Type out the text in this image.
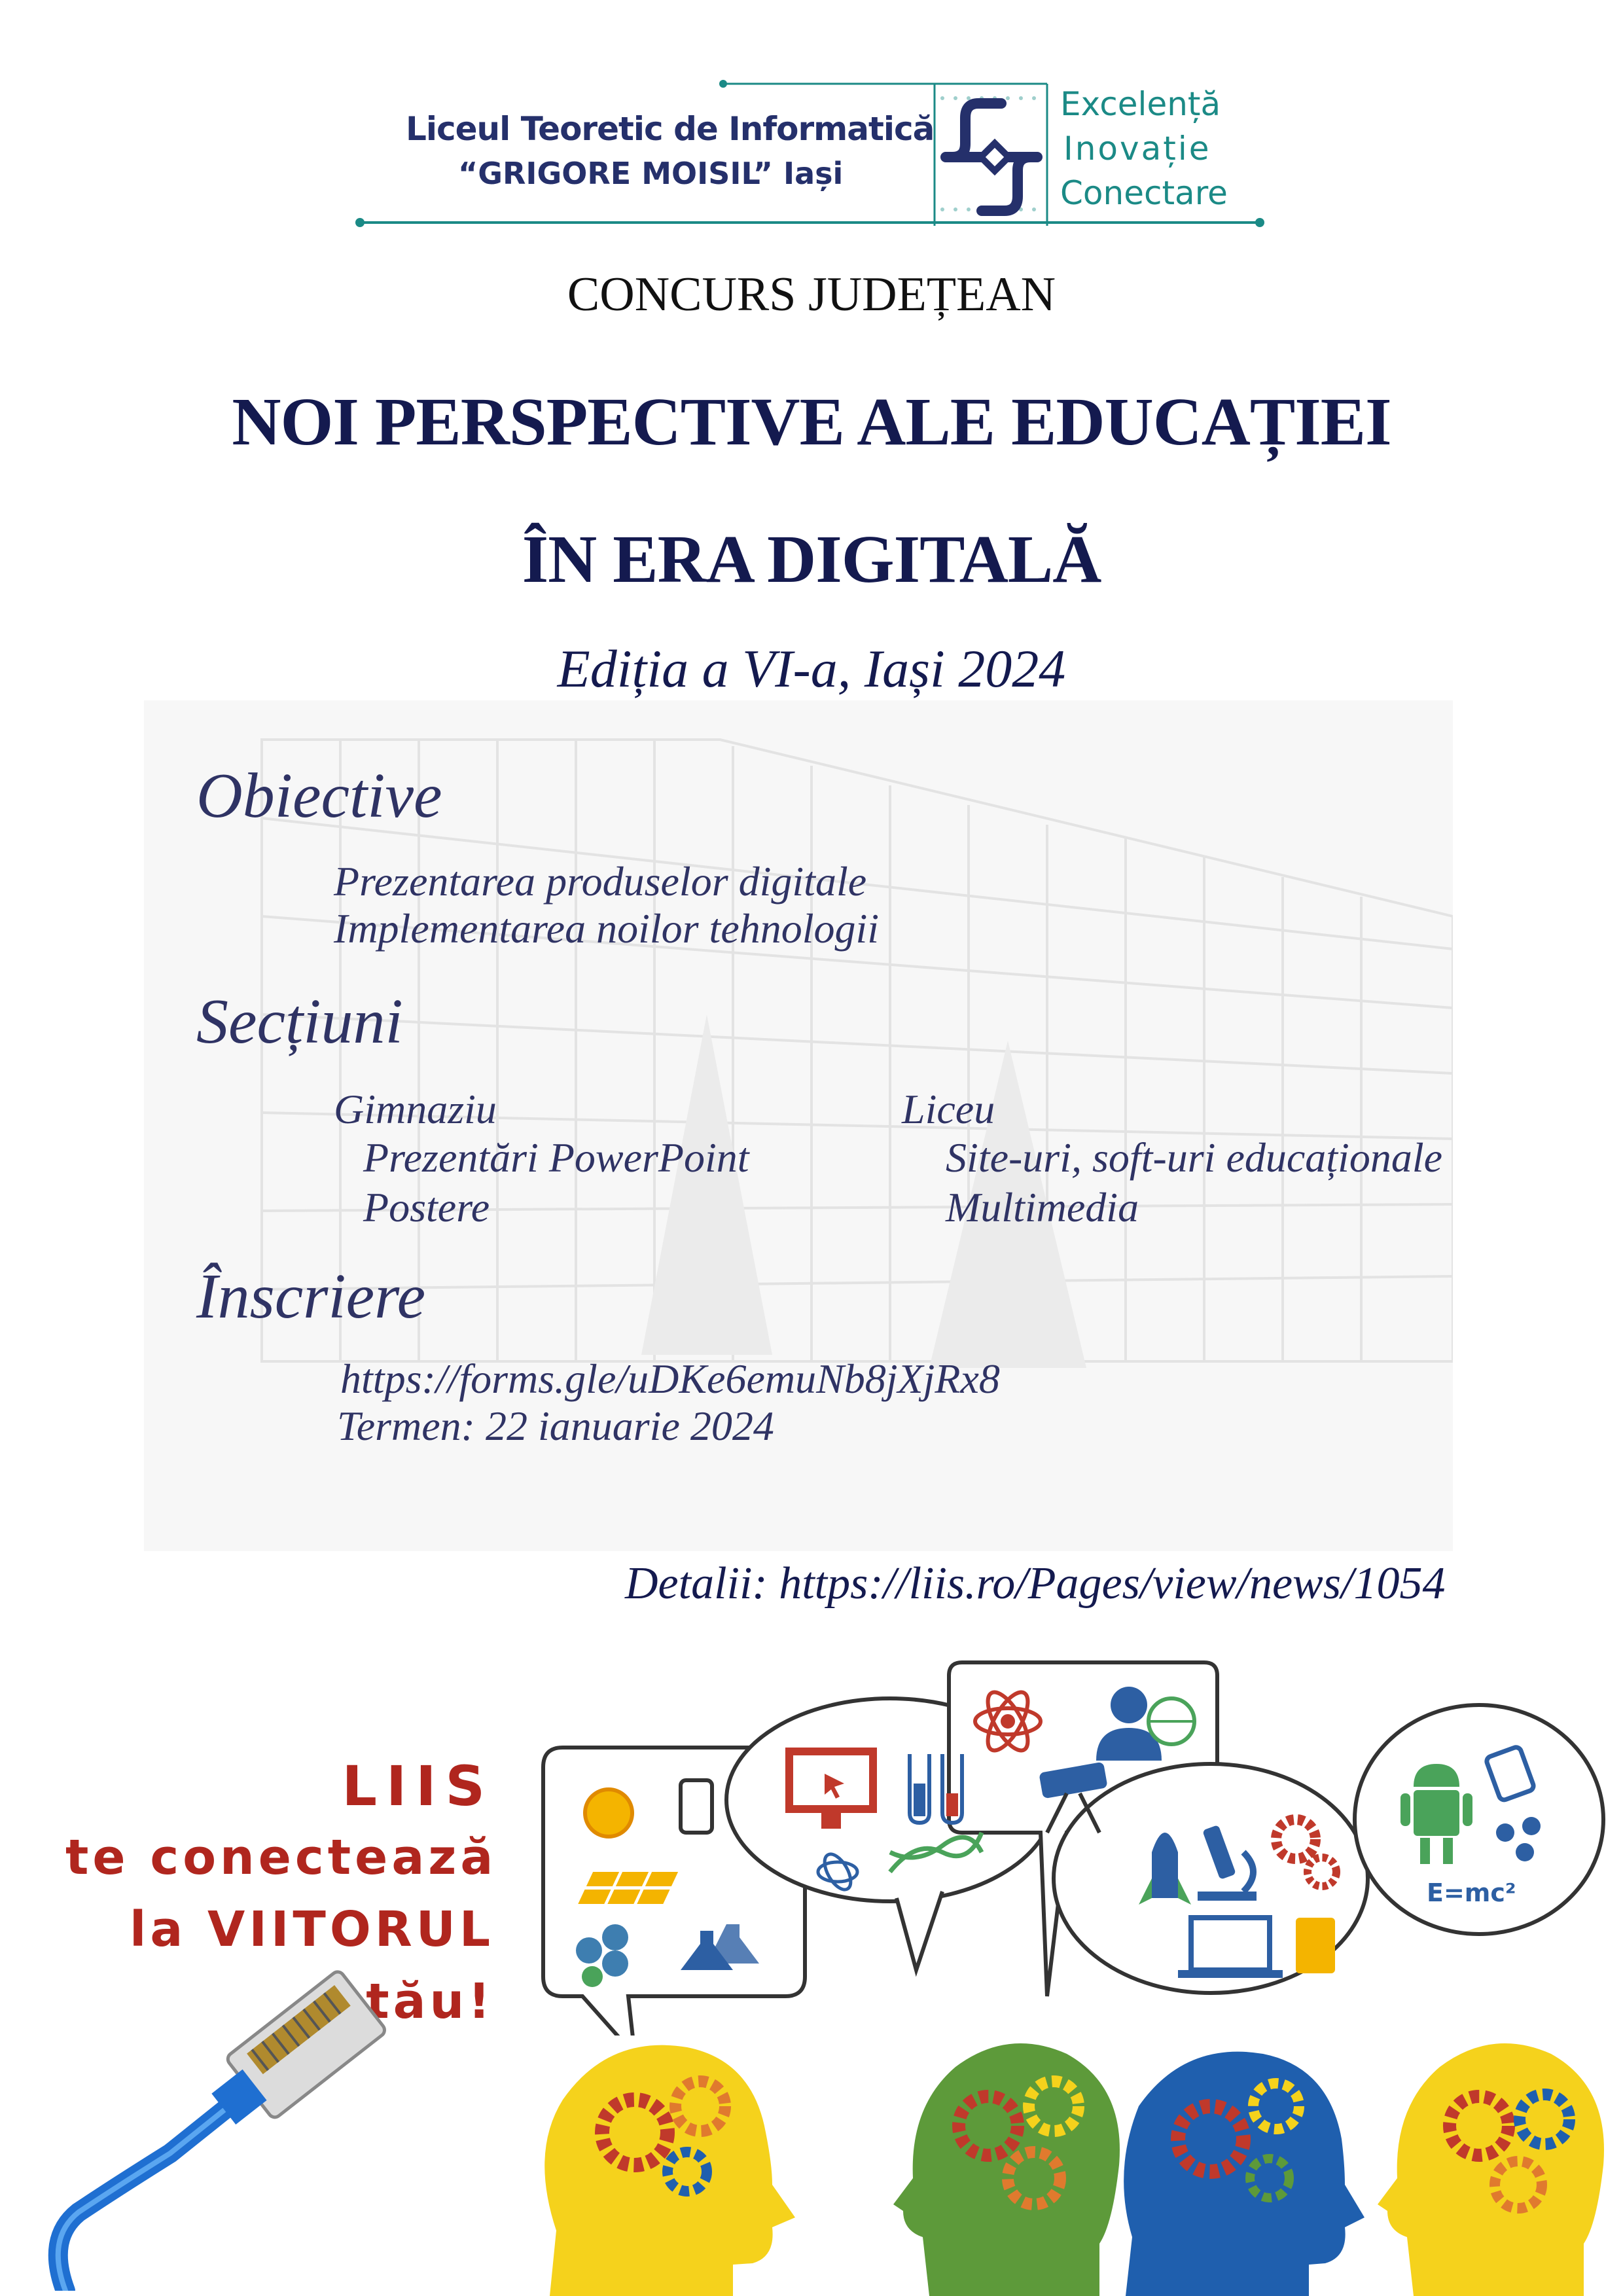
Liceul Teoretic de Informatică
“GRIGORE MOISIL” Iași
Excelență
Inovație
Conectare
CONCURS JUDEȚEAN
NOI PERSPECTIVE ALE EDUCAȚIEI
ÎN ERA DIGITALĂ
Ediția a VI-a, Iași 2024
Obiective
Prezentarea produselor digitale
Implementarea noilor tehnologii
Secțiuni
Gimnaziu
Prezentări PowerPoint
Postere
Liceu
Site-uri, soft-uri educaționale
Multimedia
Înscriere
https://forms.gle/uDKe6emuNb8jXjRx8
Termen: 22 ianuarie 2024
Detalii: https://liis.ro/Pages/view/news/1054
LIIS
te conectează
la VIITORUL
tău!
E=mc²
